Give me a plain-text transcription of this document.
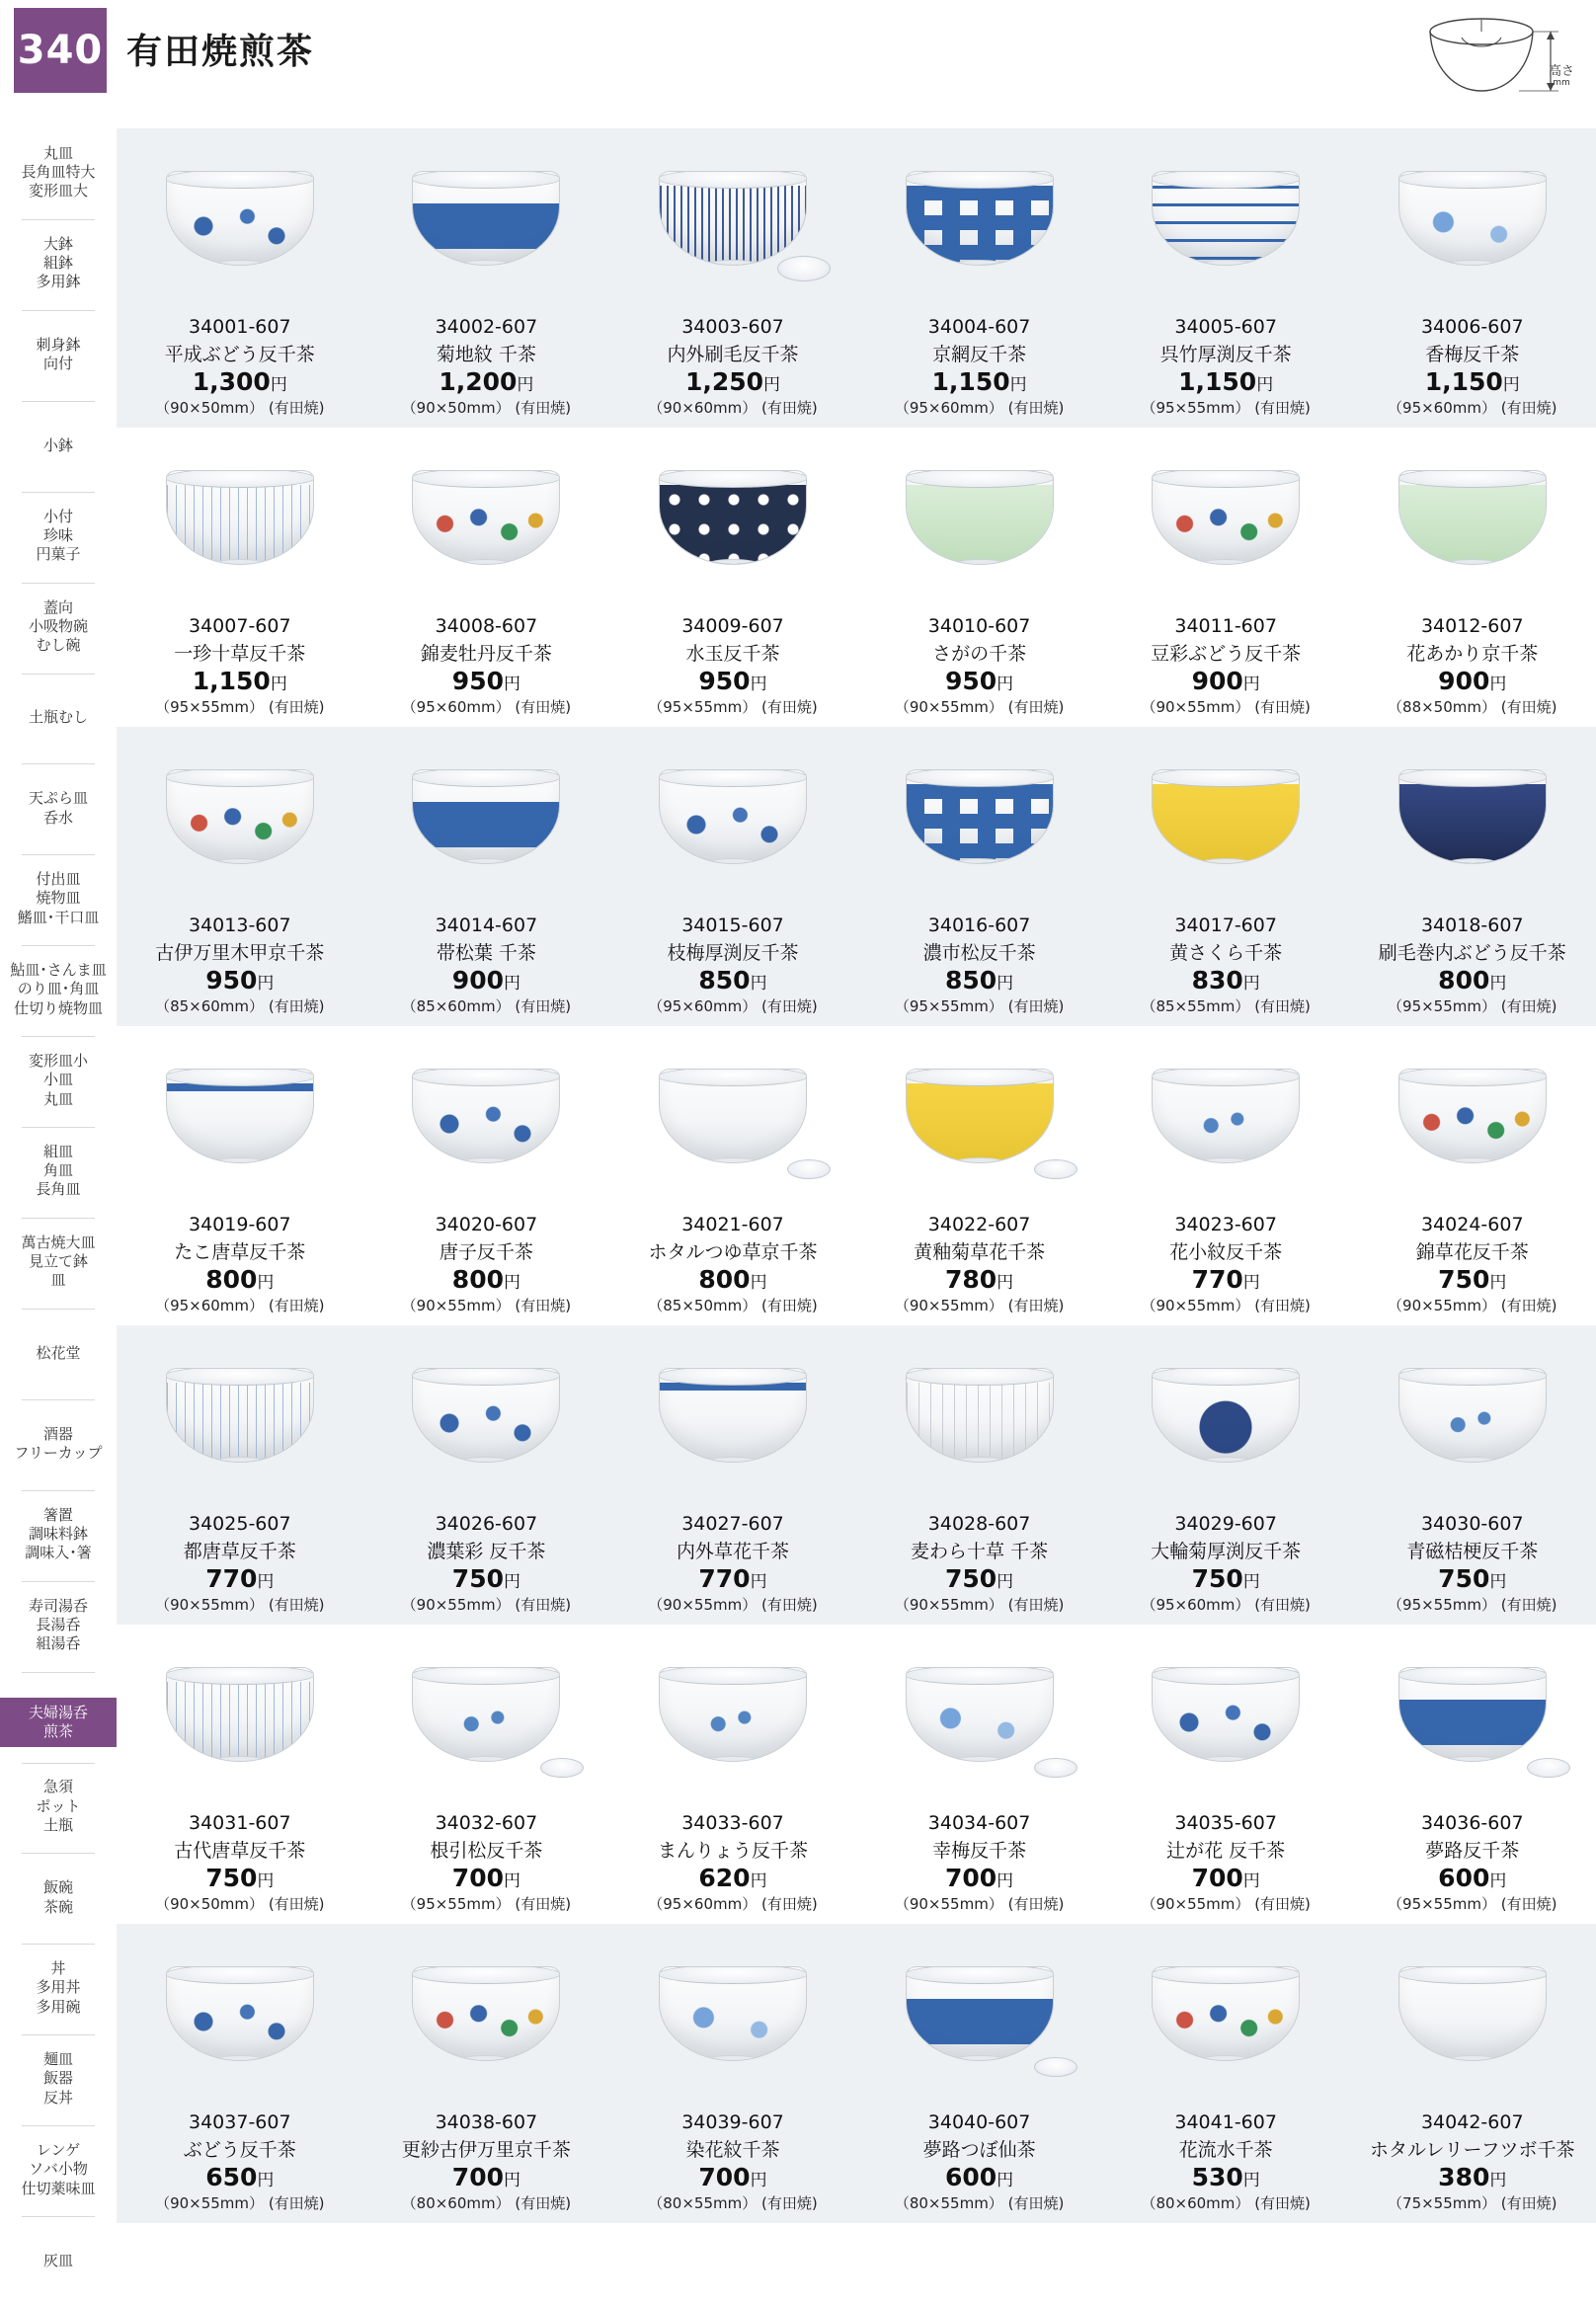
340 有田焼煎茶	高さ
mm
丸皿
長角皿特大
変形皿大
大鉢
組鉢
多用鉢
刺身鉢
向付
小鉢
小付
珍味
円菓子
蓋向
小吸物碗
むし碗
土瓶むし
天ぷら皿
呑水
付出皿
焼物皿
鰭皿･干口皿
鮎皿･さんま皿
のり皿･角皿
仕切り焼物皿
変形皿小
小皿
丸皿
組皿
角皿
長角皿
萬古焼大皿
見立て鉢
皿
松花堂
酒器
フリーカップ
箸置
調味料鉢
調味入･箸
寿司湯呑
長湯呑
組湯呑
夫婦湯呑
煎茶
急須
ポット
土瓶
飯碗
茶碗
丼
多用丼
多用碗
麺皿
飯器
反丼
レンゲ
ソバ小物
仕切薬味皿
灰皿
34001-607
平成ぶどう反千茶
1,300円
（90×50mm） (有田焼)
34002-607
菊地紋 千茶
1,200円
（90×50mm） (有田焼)
34003-607
内外刷毛反千茶
1,250円
（90×60mm） (有田焼)
34004-607
京網反千茶
1,150円
（95×60mm） (有田焼)
34005-607
呉竹厚渕反千茶
1,150円
（95×55mm） (有田焼)
34006-607
香梅反千茶
1,150円
（95×60mm） (有田焼)
34007-607
一珍十草反千茶
1,150円
（95×55mm） (有田焼)
34008-607
錦麦牡丹反千茶
950円
（95×60mm） (有田焼)
34009-607
水玉反千茶
950円
（95×55mm） (有田焼)
34010-607
さがの千茶
950円
（90×55mm） (有田焼)
34011-607
豆彩ぶどう反千茶
900円
（90×55mm） (有田焼)
34012-607
花あかり京千茶
900円
（88×50mm） (有田焼)
34013-607
古伊万里木甲京千茶
950円
（85×60mm） (有田焼)
34014-607
帯松葉 千茶
900円
（85×60mm） (有田焼)
34015-607
枝梅厚渕反千茶
850円
（95×60mm） (有田焼)
34016-607
濃市松反千茶
850円
（95×55mm） (有田焼)
34017-607
黄さくら千茶
830円
（85×55mm） (有田焼)
34018-607
刷毛巻内ぶどう反千茶
800円
（95×55mm） (有田焼)
34019-607
たこ唐草反千茶
800円
（95×60mm） (有田焼)
34020-607
唐子反千茶
800円
（90×55mm） (有田焼)
34021-607
ホタルつゆ草京千茶
800円
（85×50mm） (有田焼)
34022-607
黄釉菊草花千茶
780円
（90×55mm） (有田焼)
34023-607
花小紋反千茶
770円
（90×55mm） (有田焼)
34024-607
錦草花反千茶
750円
（90×55mm） (有田焼)
34025-607
都唐草反千茶
770円
（90×55mm） (有田焼)
34026-607
濃葉彩 反千茶
750円
（90×55mm） (有田焼)
34027-607
内外草花千茶
770円
（90×55mm） (有田焼)
34028-607
麦わら十草 千茶
750円
（90×55mm） (有田焼)
34029-607
大輪菊厚渕反千茶
750円
（95×60mm） (有田焼)
34030-607
青磁桔梗反千茶
750円
（95×55mm） (有田焼)
34031-607
古代唐草反千茶
750円
（90×50mm） (有田焼)
34032-607
根引松反千茶
700円
（95×55mm） (有田焼)
34033-607
まんりょう反千茶
620円
（95×60mm） (有田焼)
34034-607
幸梅反千茶
700円
（90×55mm） (有田焼)
34035-607
辻が花 反千茶
700円
（90×55mm） (有田焼)
34036-607
夢路反千茶
600円
（95×55mm） (有田焼)
34037-607
ぶどう反千茶
650円
（90×55mm） (有田焼)
34038-607
更紗古伊万里京千茶
700円
（80×60mm） (有田焼)
34039-607
染花紋千茶
700円
（80×55mm） (有田焼)
34040-607
夢路つぼ仙茶
600円
（80×55mm） (有田焼)
34041-607
花流水千茶
530円
（80×60mm） (有田焼)
34042-607
ホタルレリーフツボ千茶
380円
（75×55mm） (有田焼)
